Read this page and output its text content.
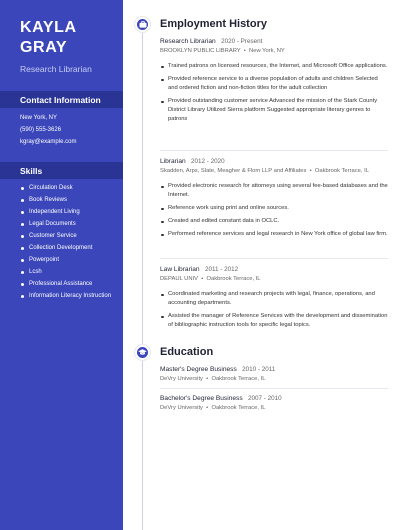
KAYLA
GRAY
Research Librarian
Contact Information
New York, NY
(590) 555-3626
kgray@example.com
Skills
Circulation Desk
Book Reviews
Independent Living
Legal Documents
Customer Service
Collection Development
Powerpoint
Lcsh
Professional Assistance
Information Literacy Instruction
Employment History
Research Librarian 2020 - Present
BROOKLYN PUBLIC LIBRARY  •  New York, NY
Trained patrons on licensed resources, the Internet, and Microsoft Office applications.
Provided reference service to a diverse population of adults and children Selected and ordered fiction and non-fiction titles for the adult collection
Provided outstanding customer service Advanced the mission of the Stark County District Library Utilized Sierra platform Suggested appropriate literary genres to patrons
Librarian 2012 - 2020
Skadden, Arps, Slate, Meagher & Flom LLP and Affiliates  •  Oakbrook Terrace, IL
Provided electronic research for attorneys using several fee-based databases and the Internet.
Reference work using print and online sources.
Created and edited constant data in OCLC.
Performed reference services and legal research in New York office of global law firm.
Law Librarian 2011 - 2012
DEPAUL UNIV  •  Oakbrook Terrace, IL
Coordinated marketing and research projects with legal, finance, operations, and accounting departments.
Assisted the manager of Reference Services with the development and dissemination of bibliographic instruction tools for specific legal topics.
Education
Master's Degree Business 2010 - 2011
DeVry University  •  Oakbrook Terrace, IL
Bachelor's Degree Business 2007 - 2010
DeVry University  •  Oakbrook Terrace, IL
